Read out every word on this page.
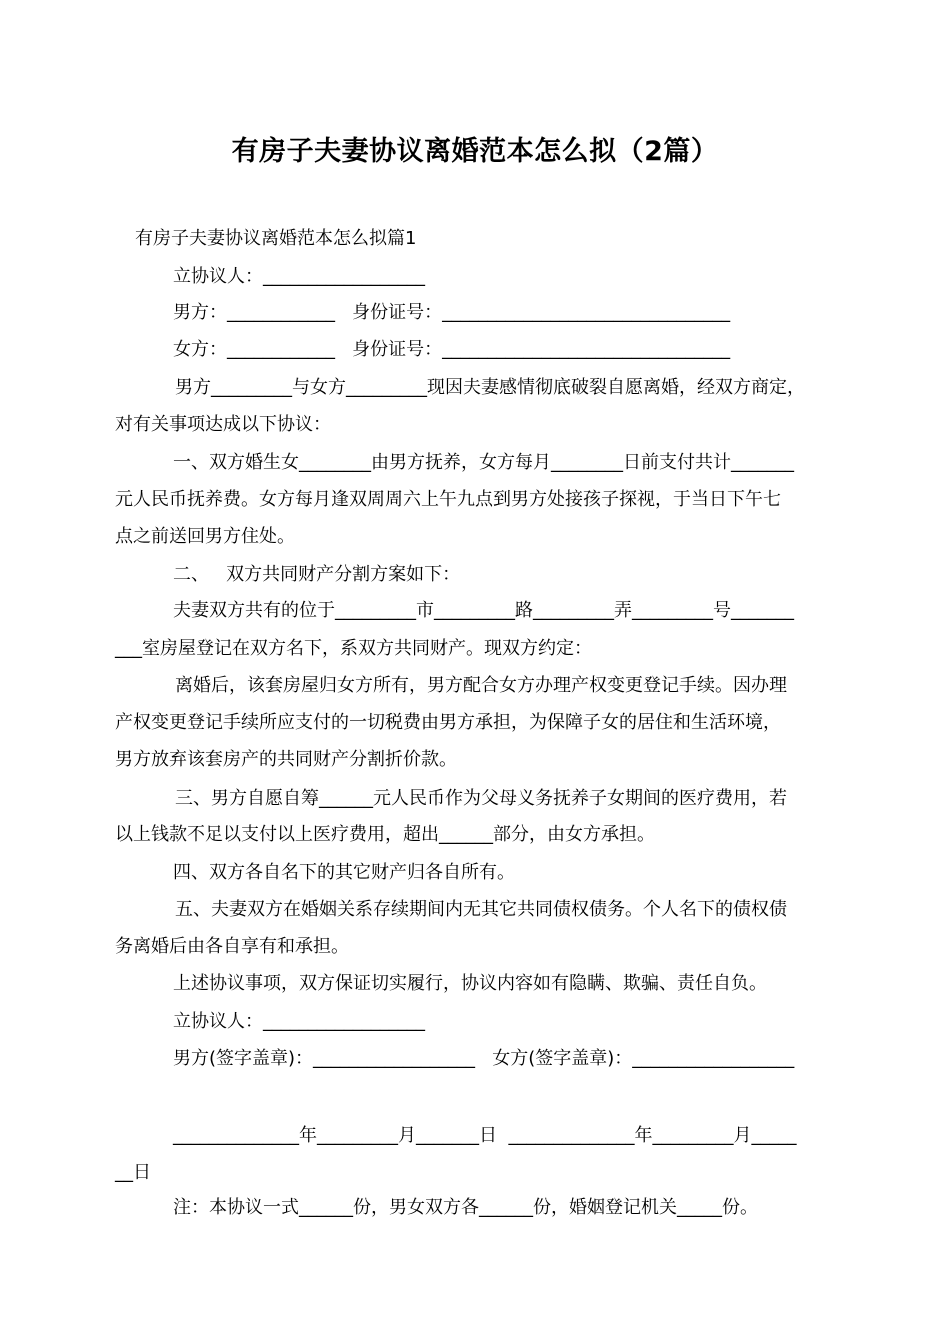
有房子夫妻协议离婚范本怎么拟（2篇）
有房子夫妻协议离婚范本怎么拟篇1
立协议人：__________________
男方：____________   身份证号：________________________________
女方：____________   身份证号：________________________________
男方_________与女方_________现因夫妻感情彻底破裂自愿离婚，经双方商定，
对有关事项达成以下协议：
一、双方婚生女________由男方抚养，女方每月________日前支付共计_______
元人民币抚养费。女方每月逢双周周六上午九点到男方处接孩子探视，于当日下午七
点之前送回男方住处。
二、   双方共同财产分割方案如下：
夫妻双方共有的位于_________市_________路_________弄_________号_______
___室房屋登记在双方名下，系双方共同财产。现双方约定：
离婚后，该套房屋归女方所有，男方配合女方办理产权变更登记手续。因办理
产权变更登记手续所应支付的一切税费由男方承担，为保障子女的居住和生活环境，
男方放弃该套房产的共同财产分割折价款。
三、男方自愿自筹______元人民币作为父母义务抚养子女期间的医疗费用，若
以上钱款不足以支付以上医疗费用，超出______部分，由女方承担。
四、双方各自名下的其它财产归各自所有。
五、夫妻双方在婚姻关系存续期间内无其它共同债权债务。个人名下的债权债
务离婚后由各自享有和承担。
上述协议事项，双方保证切实履行，协议内容如有隐瞒、欺骗、责任自负。
立协议人：__________________
男方(签字盖章)：__________________   女方(签字盖章)：__________________
______________年_________月_______日  ______________年_________月_____
__日
注：本协议一式______份，男女双方各______份，婚姻登记机关_____份。
